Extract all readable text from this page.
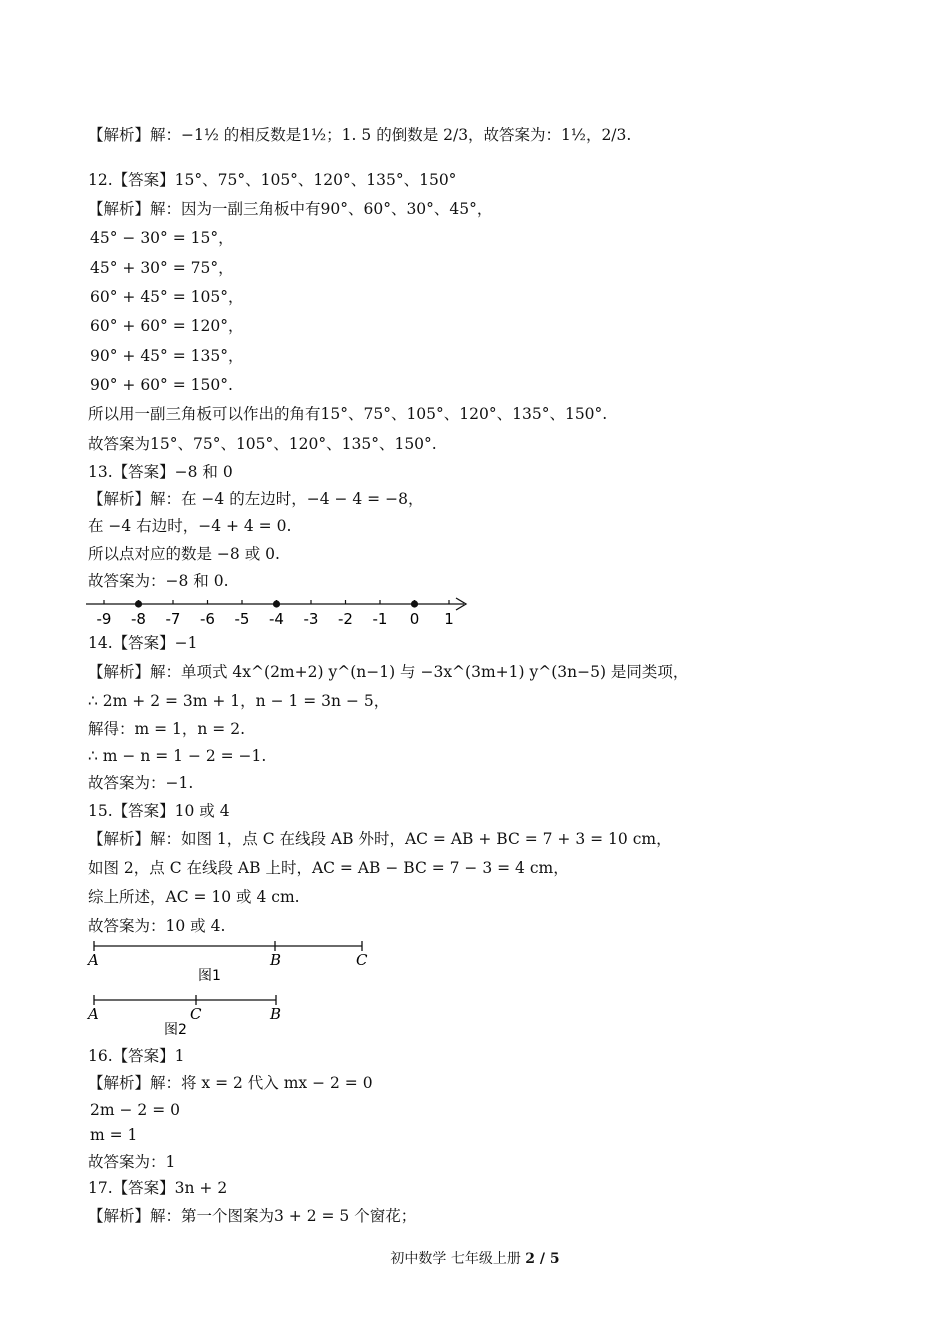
【解析】解：−1½ 的相反数是1½；1. 5 的倒数是 2/3，故答案为：1½，2/3.
12.【答案】15°、75°、105°、120°、135°、150°
【解析】解：因为一副三角板中有90°、60°、30°、45°，
45° − 30° = 15°，
45° + 30° = 75°，
60° + 45° = 105°，
60° + 60° = 120°，
90° + 45° = 135°，
90° + 60° = 150°.
所以用一副三角板可以作出的角有15°、75°、105°、120°、135°、150°.
故答案为15°、75°、105°、120°、135°、150°.
13.【答案】−8 和 0
【解析】解：在 −4 的左边时，−4 − 4 = −8，
在 −4 右边时，−4 + 4 = 0.
所以点对应的数是 −8 或 0.
故答案为：−8 和 0.
-9 -8 -7 -6 -5 -4 -3 -2 -1 0 1
14.【答案】−1
【解析】解：单项式 4x^(2m+2) y^(n−1) 与 −3x^(3m+1) y^(3n−5) 是同类项，
∴ 2m + 2 = 3m + 1，n − 1 = 3n − 5，
解得：m = 1，n = 2.
∴ m − n = 1 − 2 = −1.
故答案为：−1.
15.【答案】10 或 4
【解析】解：如图 1，点 C 在线段 AB 外时，AC = AB + BC = 7 + 3 = 10 cm，
如图 2，点 C 在线段 AB 上时，AC = AB − BC = 7 − 3 = 4 cm，
综上所述，AC = 10 或 4 cm.
故答案为：10 或 4.
A	B	C
图1
A	C	B
图2
16.【答案】1
【解析】解：将 x = 2 代入 mx − 2 = 0
2m − 2 = 0
m = 1
故答案为：1
17.【答案】3n + 2
【解析】解：第一个图案为3 + 2 = 5 个窗花；
初中数学 七年级上册 2 / 5
